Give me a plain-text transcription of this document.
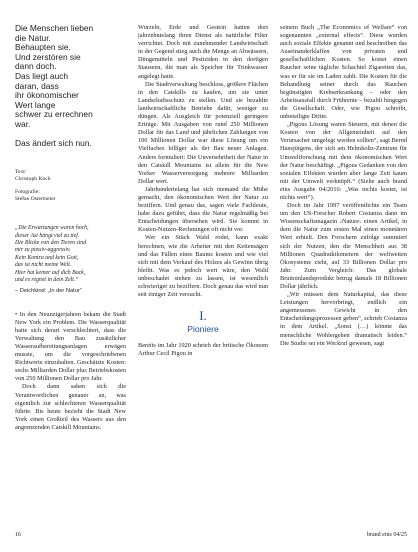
Die Menschen lieben
die Natur.
Behaupten sie.
Und zerstören sie
dann doch.
Das liegt auch
daran, dass
ihr ökonomischer
Wert lange
schwer zu errechnen
war.
Das ändert sich nun.
Text:
Christoph Koch
Fotografie:
Stefan Ostermeier
„Die Erwartungen waren hoch,
dieser Ast hängt viel zu tief.
Die Blicke von den Tieren sind
mir zu passiv-aggressiv.
Kein Kontra und kein Gott,
das ist nicht meine Welt.
Hier hat keiner auf dich Bock,
und es regnet in dein Zelt.“
– Deichkind: „In der Natur“

• In den Neunzigerjahren bekam die Stadt New York ein Problem. Die Wasserqualität hatte sich derart verschlechtert, dass die Verwaltung den Bau zusätzlicher Wasseraufbereitungsanlagen erwägen musste, um die vorgeschriebenen Richtwerte einzuhalten. Geschätzte Kosten: sechs Milliarden Dollar plus Betriebskosten von 250 Millionen Dollar pro Jahr.

Doch dann sahen sich die Verantwortlichen genauer an, was eigentlich zur schlechteren Wasserqualität führte. Bis heute bezieht die Stadt New York einen Großteil des Wassers aus den angrenzenden Catskill Mountains.

Wurzeln, Erde und Gestein hatten dort jahrzehntelang ihren Dienst als natürliche Filter verrichtet. Doch mit zunehmender Landwirtschaft in der Gegend stieg auch die Menge an Abwässern, Düngemitteln und Pestiziden in den dortigen Stauseen, die man als Speicher für Trinkwasser angelegt hatte.

Die Stadtverwaltung beschloss, größere Flächen in den Catskills zu kaufen, um sie unter Landschaftsschutz zu stellen. Und sie bezahlte landwirtschaftliche Betriebe dafür, weniger zu düngen. Als Ausgleich für potenziell geringere Erträge. Mit Ausgaben von rund 250 Millionen Dollar für das Land und jährlichen Zahlungen von 100 Millionen Dollar war diese Lösung um ein Vielfaches billiger als der Bau neuer Anlagen. Anders formuliert: Die Unversehrtheit der Natur in den Catskill Mountains ist allein für die New Yorker Wasserversorgung mehrere Milliarden Dollar wert.

Jahrhundertelang hat sich niemand die Mühe gemacht, den ökonomischen Wert der Natur zu beziffern. Und genau das, sagen viele Fachleute, habe dazu geführt, dass die Natur regelmäßig bei Entscheidungen übersehen wird. Sie kommt in Kosten-Nutzen-Rechnungen oft nicht vor.

Wer ein Stück Wald rodet, kann exakt berechnen, wie die Arbeiter mit den Kettensägen und das Fällen eines Baums kosten und wie viel sich mit dem Verkauf des Holzes als Gewinn übrig bleibt. Was es jedoch wert wäre, den Wald unbeschadet stehen zu lassen, ist wesentlich schwieriger zu beziffern. Doch genau das wird nun seit einiger Zeit versucht.

I.
Pioniere

Bereits im Jahr 1920 schrieb der britische Ökonom Arthur Cecil Pigou in

seinem Buch „The Economics of Welfare“ von sogenannten „external effects“. Diese wurden auch soziale Effekte genannt und beschreiben das Auseinanderklaffen von privaten und gesellschaftlichen Kosten. So kostet einen Raucher seine tägliche Schachtel Zigaretten das, was er für sie im Laden zahlt. Die Kosten für die Behandlung seiner durch das Rauchen begünstigten Krebserkrankung – oder den Arbeitsausfall durch Frührente – bezahlt hingegen die Gesellschaft. Oder, wie Pigou schreibt, unbeteiligte Dritte.

„Pigous Lösung waren Steuern, mit denen die Kosten von der Allgemeinheit auf den Verursacher umgelegt werden sollten“, sagt Bernd Hansjürgens, der sich am Helmholtz-Zentrum für Umweltforschung mit dem ökonomischen Wert der Natur beschäftigt. „Pigous Gedanken von den sozialen Effekten wurden aber lange Zeit kaum mit der Umwelt verknüpft.“ (Siehe auch brand eins Ausgabe 04/2016: „Was nichts kostet, ist nichts wert“).

Doch im Jahr 1997 veröffentlichte ein Team um den US-Forscher Robert Costanza dann im Wissenschaftsmagazin ›Nature‹ einen Artikel, in dem die Natur zum ersten Mal einen monetären Wert erhielt. Den Forschern zufolge summiert sich der Nutzen, den die Menschheit aus 38 Millionen Quadratkilometern der weltweiten Ökosysteme zieht, auf 33 Billionen Dollar pro Jahr. Zum Vergleich: Das globale Bruttoinlandsprodukt betrug damals 18 Billionen Dollar jährlich.

„Wir müssen dem Naturkapital, das diese Leistungen hervorbringt, endlich ein angemessenes Gewicht in den Entscheidungsprozessen geben“, schrieb Costanza in dem Artikel. „Sonst (…) könnte das menschliche Wohlergehen dramatisch leiden.“ Die Studie sei ein Weckruf gewesen, sagt

16	brand eins 04/25
